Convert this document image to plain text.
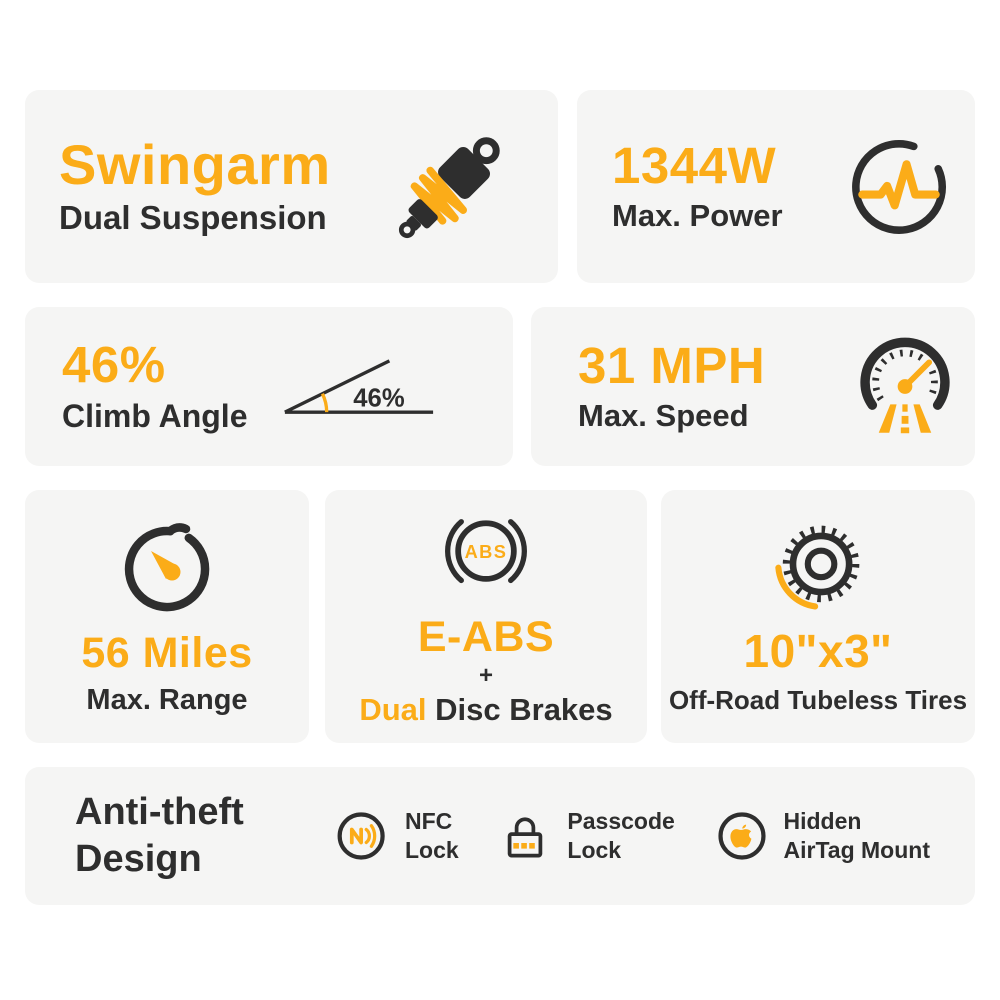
Swingarm
Dual Suspension
1344W
Max. Power
46%
Climb Angle	46%
31 MPH
Max. Speed
56 Miles
Max. Range
ABS
E-ABS
+
Dual Disc Brakes
10"x3"
Off-Road Tubeless Tires
Anti-theft
Design
NFC
Lock
Passcode
Lock
Hidden
AirTag Mount
